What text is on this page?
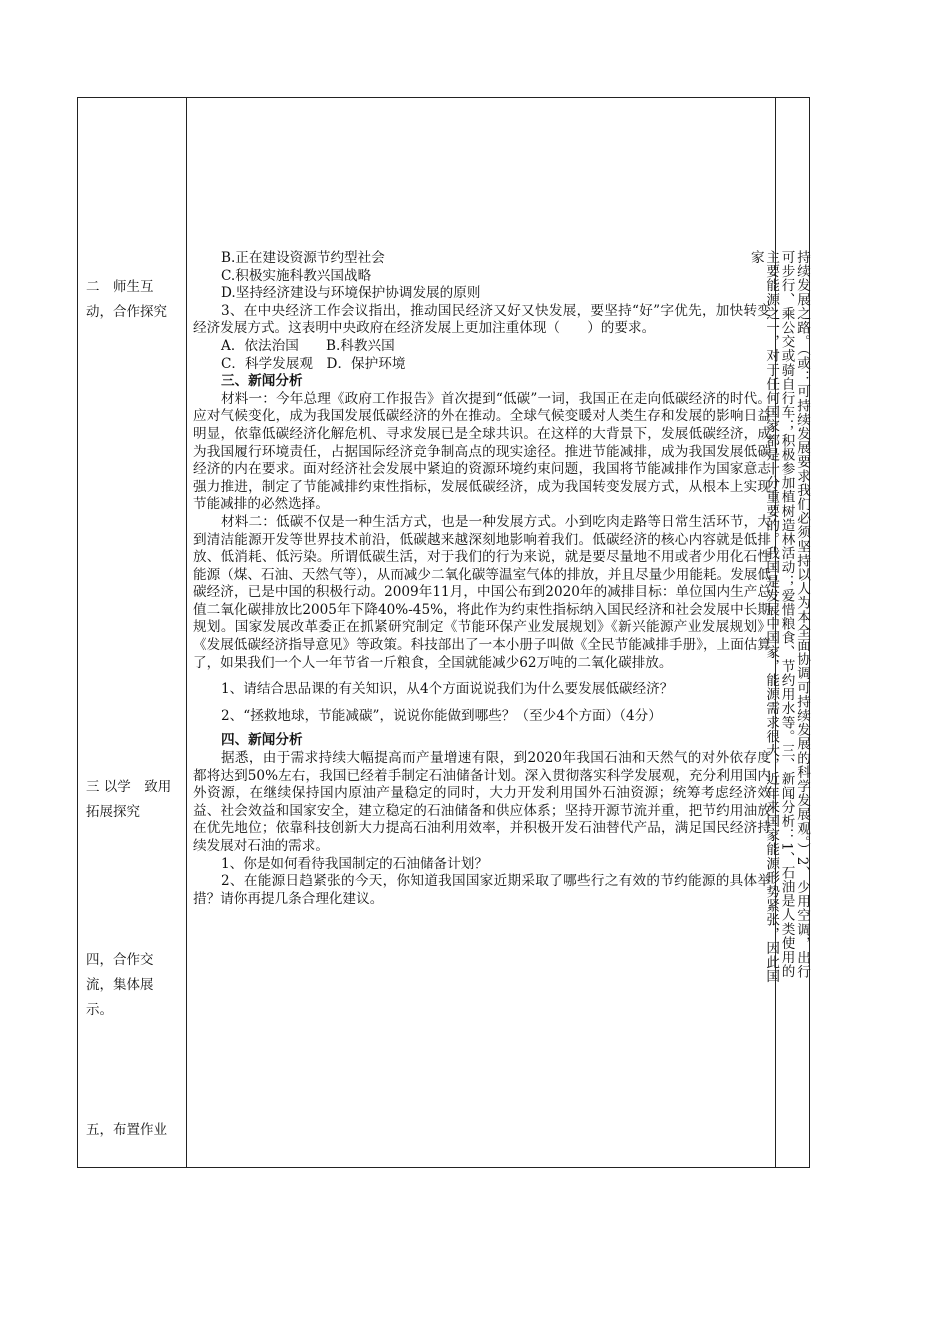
二　师生互动，合作探究
三 以学　致用　拓展探究
四，合作交流，集体展示。
五，布置作业

B.正在建设资源节约型社会

C.积极实施科教兴国战略

D.坚持经济建设与环境保护协调发展的原则

3、在中央经济工作会议指出，推动国民经济又好又快发展，要坚持“好”字优先，加快转变经济发展方式。这表明中央政府在经济发展上更加注重体现（　　）的要求。

A．依法治国　　B.科教兴国

C．科学发展观　D．保护环境

三、新闻分析

材料一：今年总理《政府工作报告》首次提到“低碳”一词，我国正在走向低碳经济的时代。应对气候变化，成为我国发展低碳经济的外在推动。全球气候变暖对人类生存和发展的影响日益明显，依靠低碳经济化解危机、寻求发展已是全球共识。在这样的大背景下，发展低碳经济，成为我国履行环境责任，占据国际经济竞争制高点的现实途径。推进节能减排，成为我国发展低碳经济的内在要求。面对经济社会发展中紧迫的资源环境约束问题，我国将节能减排作为国家意志强力推进，制定了节能减排约束性指标，发展低碳经济，成为我国转变发展方式，从根本上实现节能减排的必然选择。

材料二：低碳不仅是一种生活方式，也是一种发展方式。小到吃肉走路等日常生活环节，大到清洁能源开发等世界技术前沿，低碳越来越深刻地影响着我们。低碳经济的核心内容就是低排放、低消耗、低污染。所谓低碳生活，对于我们的行为来说，就是要尽量地不用或者少用化石性能源（煤、石油、天然气等），从而减少二氧化碳等温室气体的排放，并且尽量少用能耗。发展低碳经济，已是中国的积极行动。2009年11月，中国公布到2020年的减排目标：单位国内生产总值二氧化碳排放比2005年下降40%-45%，将此作为约束性指标纳入国民经济和社会发展中长期规划。国家发展改革委正在抓紧研究制定《节能环保产业发展规划》《新兴能源产业发展规划》《发展低碳经济指导意见》等政策。科技部出了一本小册子叫做《全民节能减排手册》，上面估算了，如果我们一个人一年节省一斤粮食，全国就能减少62万吨的二氧化碳排放。

1、请结合思品课的有关知识，从4个方面说说我们为什么要发展低碳经济？

2、“拯救地球，节能减碳”，说说你能做到哪些？（至少4个方面）（4分）

四、新闻分析

据悉，由于需求持续大幅提高而产量增速有限，到2020年我国石油和天然气的对外依存度都将达到50%左右，我国已经着手制定石油储备计划。深入贯彻落实科学发展观，充分利用国内外资源，在继续保持国内原油产量稳定的同时，大力开发利用国外石油资源；统筹考虑经济效益、社会效益和国家安全，建立稳定的石油储备和供应体系；坚持开源节流并重，把节约用油放在优先地位；依靠科技创新大力提高石油利用效率，并积极开发石油替代产品，满足国民经济持续发展对石油的需求。

1、你是如何看待我国制定的石油储备计划？

2、在能源日趋紧张的今天，你知道我国国家近期采取了哪些行之有效的节约能源的具体举措？请你再提几条合理化建议。	持续发展之路。（或：可持续发展要求我们必须坚持以人为本全面协调可持续发展的科学发展观。）2、少用空调，出行可步行、乘公交或骑自行车；积极参加植树造林活动；爱惜粮食、节约用水等。三、新闻分析：1、石油是人类使用的主要能源之一，对于任何国家都是十分重要的。我国是发展中国家，能源需求很大，近年来国家能源形势紧张，因此国家
